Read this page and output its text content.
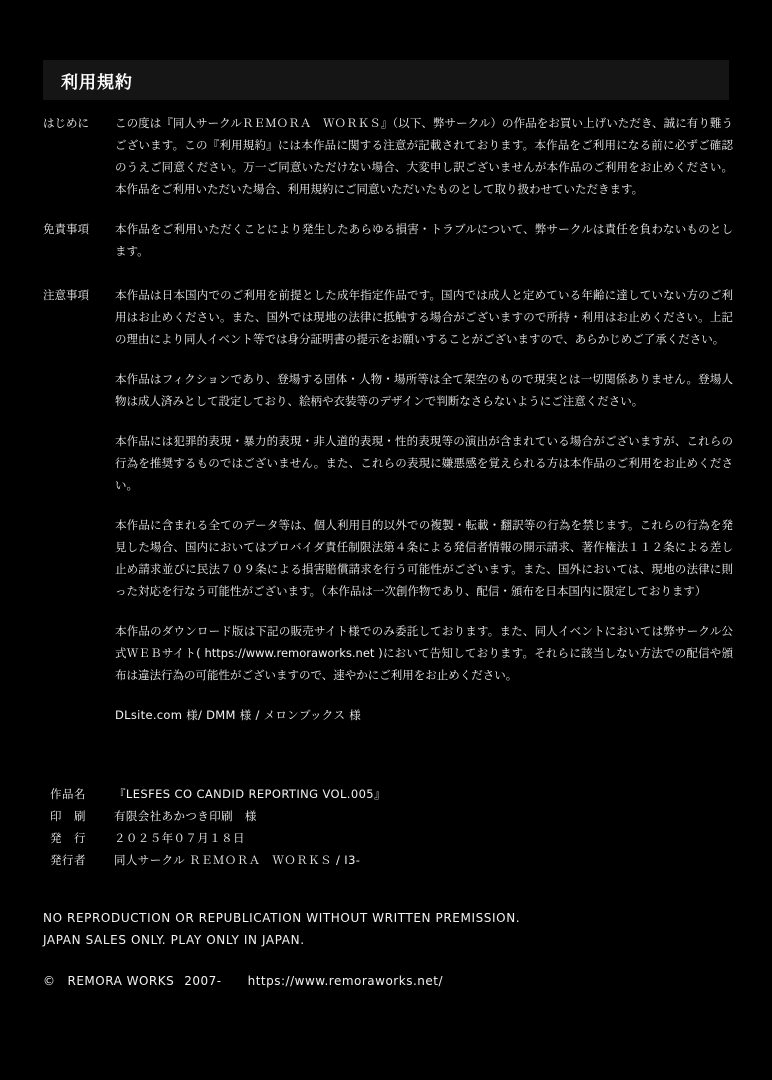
利用規約
はじめに	この度は『同人サークルＲＥＭＯＲＡ　ＷＯＲＫＳ』（以下、弊サークル）の作品をお買い上げいただき、誠に有り難うございます。この『利用規約』には本作品に関する注意が記載されております。本作品をご利用になる前に必ずご確認のうえご同意ください。万一ご同意いただけない場合、大変申し訳ございませんが本作品のご利用をお止めください。本作品をご利用いただいた場合、利用規約にご同意いただいたものとして取り扱わせていただきます。

免責事項	本作品をご利用いただくことにより発生したあらゆる損害・トラブルについて、弊サークルは責任を負わないものとします。

注意事項	本作品は日本国内でのご利用を前提とした成年指定作品です。国内では成人と定めている年齢に達していない方のご利用はお止めください。また、国外では現地の法律に抵触する場合がございますので所持・利用はお止めください。上記の理由により同人イベント等では身分証明書の提示をお願いすることがございますので、あらかじめご了承ください。

本作品はフィクションであり、登場する団体・人物・場所等は全て架空のもので現実とは一切関係ありません。登場人物は成人済みとして設定しており、絵柄や衣装等のデザインで判断なさらないようにご注意ください。

本作品には犯罪的表現・暴力的表現・非人道的表現・性的表現等の演出が含まれている場合がございますが、これらの行為を推奨するものではございません。また、これらの表現に嫌悪感を覚えられる方は本作品のご利用をお止めください。

本作品に含まれる全てのデータ等は、個人利用目的以外での複製・転載・翻訳等の行為を禁じます。これらの行為を発見した場合、国内においてはプロバイダ責任制限法第４条による発信者情報の開示請求、著作権法１１２条による差し止め請求並びに民法７０９条による損害賠償請求を行う可能性がございます。また、国外においては、現地の法律に則った対応を行なう可能性がございます。（本作品は一次創作物であり、配信・頒布を日本国内に限定しております）

本作品のダウンロード版は下記の販売サイト様でのみ委託しております。また、同人イベントにおいては弊サークル公式ＷＥＢサイト( https://www.remoraworks.net )において告知しております。それらに該当しない方法での配信や頒布は違法行為の可能性がございますので、速やかにご利用をお止めください。

DLsite.com 様/ DMM 様 / メロンブックス 様
作品名	『LESFES CO CANDID REPORTING VOL.005』
印　刷	有限会社あかつき印刷　様
発　行	２０２５年０７月１８日
発行者	同人サークル ＲＥＭＯＲＡ　ＷＯＲＫＳ / I3-
NO REPRODUCTION OR REPUBLICATION WITHOUT WRITTEN PREMISSION.
JAPAN SALES ONLY. PLAY ONLY IN JAPAN.
© REMORA WORKS 2007- https://www.remoraworks.net/
